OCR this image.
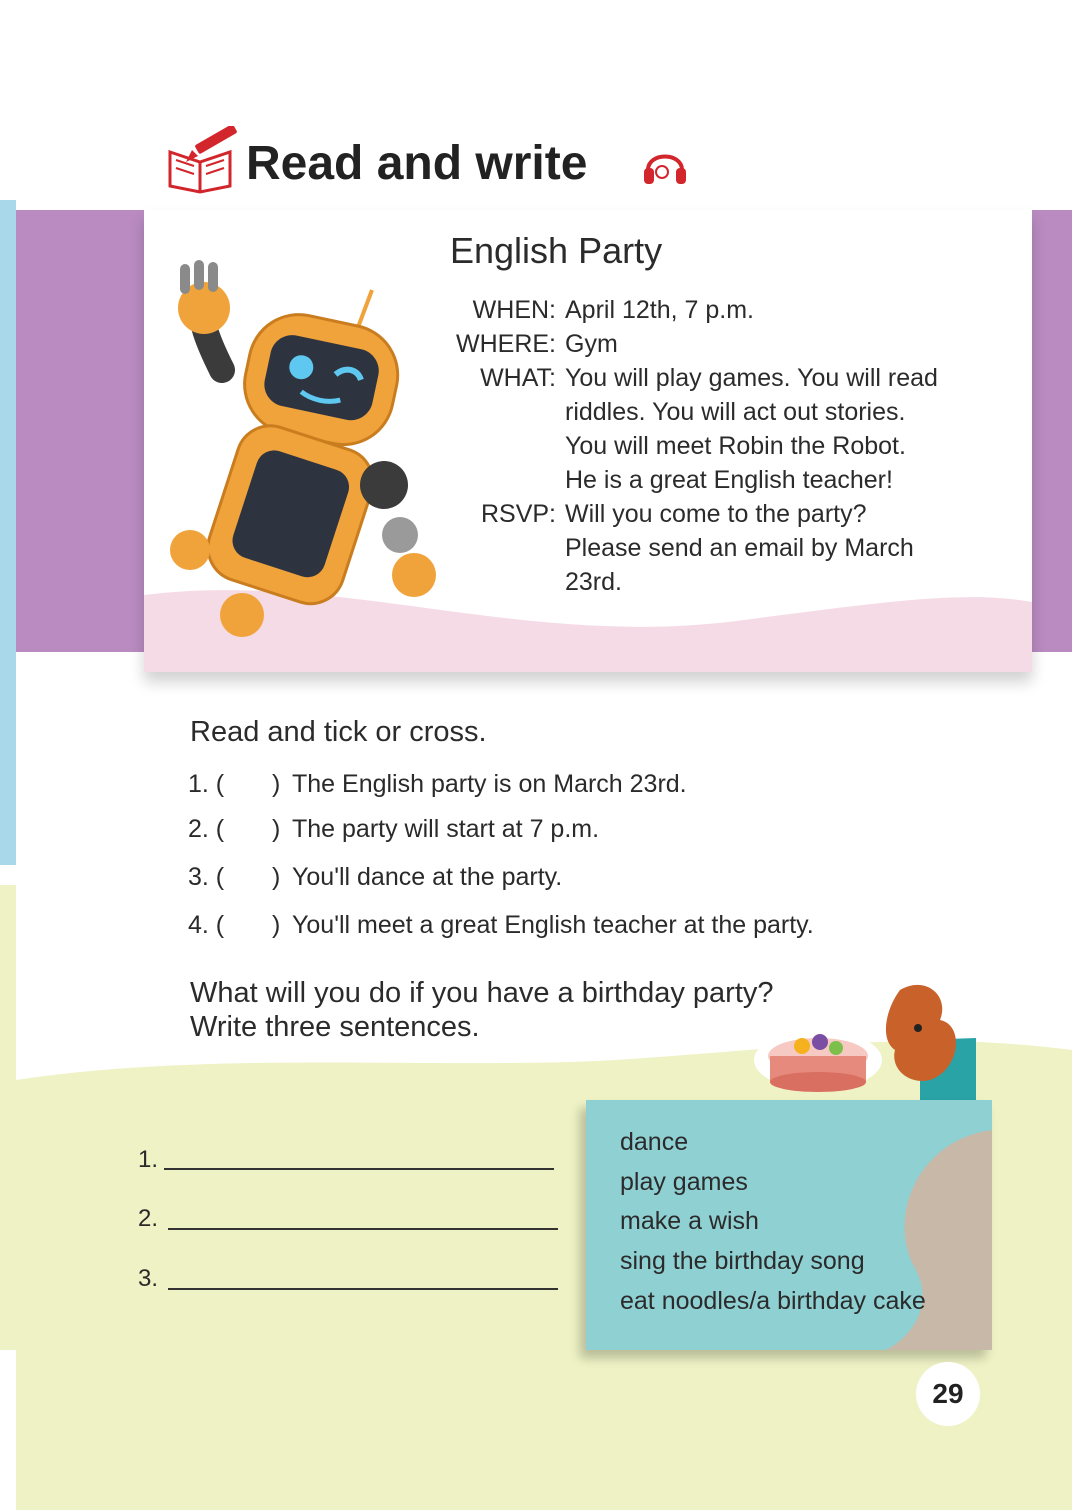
Read and write
English Party
WHEN: April 12th, 7 p.m.
WHERE: Gym
WHAT: You will play games. You will read
riddles. You will act out stories.
You will meet Robin the Robot.
He is a great English teacher!
RSVP: Will you come to the party?
Please send an email by March
23rd.
Read and tick or cross.
1. ( ) The English party is on March 23rd.
2. ( ) The party will start at 7 p.m.
3. ( ) You'll dance at the party.
4. ( ) You'll meet a great English teacher at the party.
What will you do if you have a birthday party?
Write three sentences.
1.
2.
3.
dance
play games
make a wish
sing the birthday song
eat noodles/a birthday cake
29
